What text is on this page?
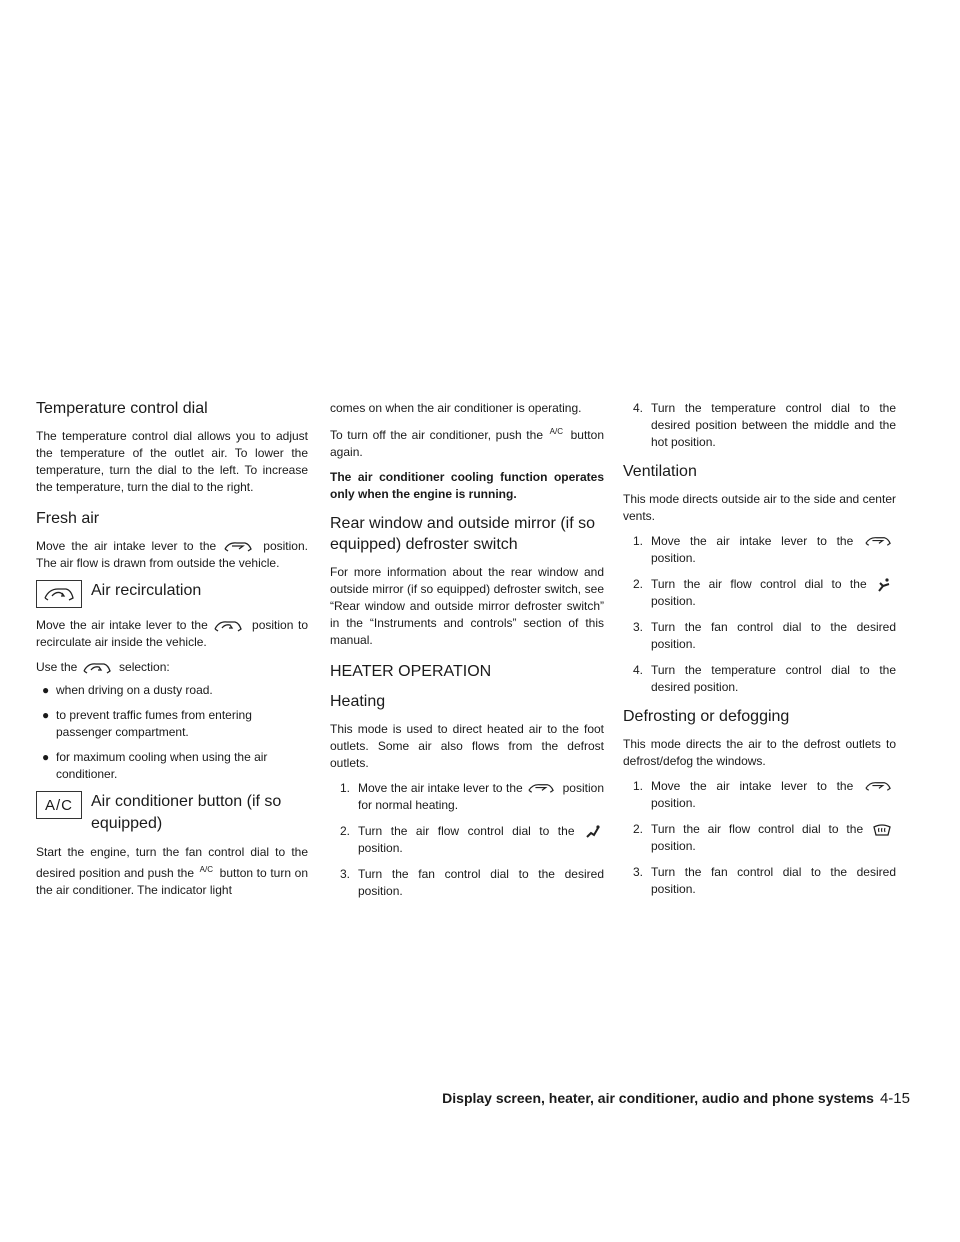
Temperature control dial

The temperature control dial allows you to adjust the temperature of the outlet air. To lower the temperature, turn the dial to the left. To increase the temperature, turn the dial to the right.

Fresh air

Move the air intake lever to the	position. The air flow is drawn from outside the vehicle.

Air recirculation

Move the air intake lever to the	position to recirculate air inside the vehicle.

Use the	selection:

● when driving on a dusty road.
● to prevent traffic fumes from entering passenger compartment.
● for maximum cooling when using the air conditioner.
A/C Air conditioner button (if so equipped)

Start the engine, turn the fan control dial to the desired position and push the $^{A/C}$ button to turn on the air conditioner. The indicator light

comes on when the air conditioner is operating.

To turn off the air conditioner, push the $^{A/C}$ button again.

The air conditioner cooling function operates only when the engine is running.

Rear window and outside mirror (if so equipped) defroster switch

For more information about the rear window and outside mirror (if so equipped) defroster switch, see “Rear window and outside mirror defroster switch” in the “Instruments and controls” section of this manual.

HEATER OPERATION
Heating

This mode is used to direct heated air to the foot outlets. Some air also flows from the defrost outlets.

1. Move the air intake lever to the	position for normal heating.
2. Turn the air flow control dial to the
position.
3. Turn the fan control dial to the desired position.
4. Turn the temperature control dial to the desired position between the middle and the hot position.
Ventilation

This mode directs outside air to the side and center vents.

1. Move the air intake lever to the
position.
2. Turn the air flow control dial to the
position.
3. Turn the fan control dial to the desired position.
4. Turn the temperature control dial to the desired position.
Defrosting or defogging

This mode directs the air to the defrost outlets to defrost/defog the windows.

1. Move the air intake lever to the
position.
2. Turn the air flow control dial to the
position.
3. Turn the fan control dial to the desired position.
Display screen, heater, air conditioner, audio and phone systems 4-15
